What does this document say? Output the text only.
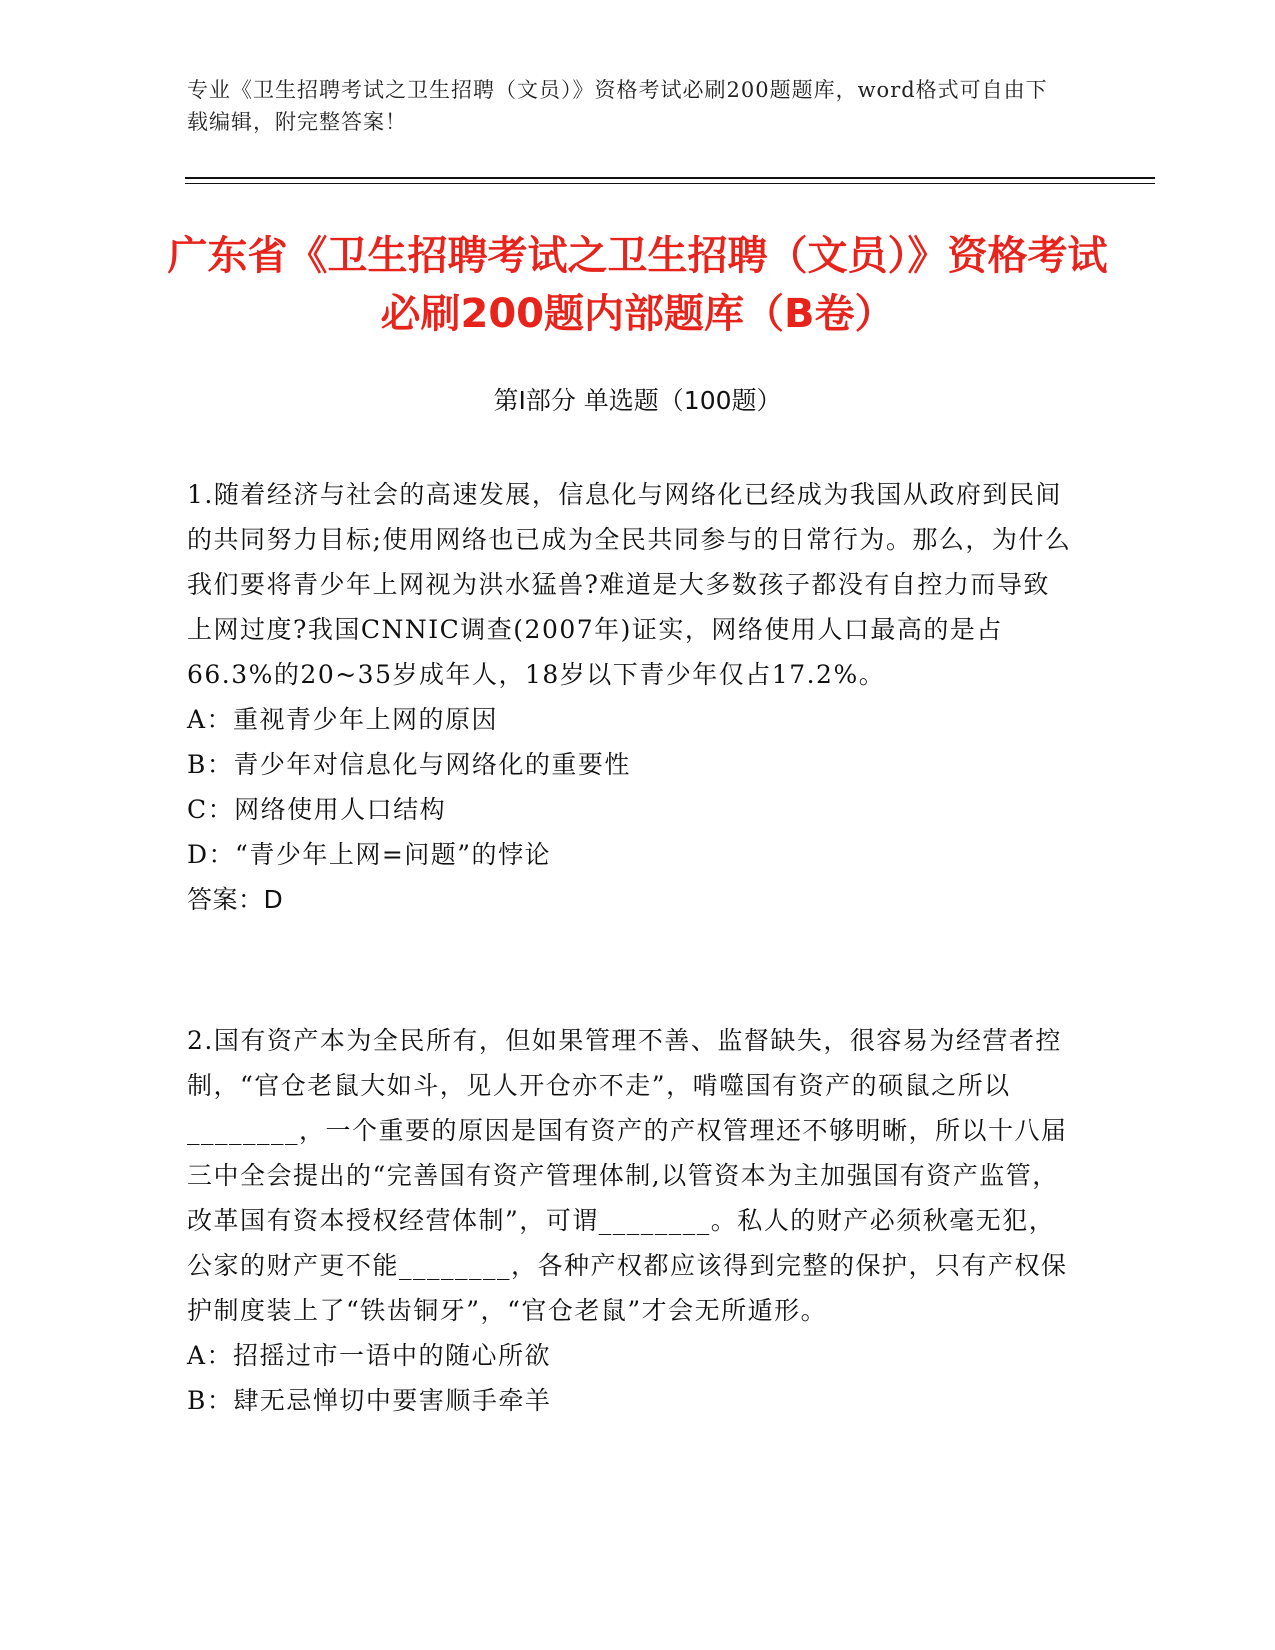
专业《卫生招聘考试之卫生招聘（文员）》资格考试必刷200题题库，word格式可自由下载编辑，附完整答案！
广东省《卫生招聘考试之卫生招聘（文员）》资格考试必刷200题内部题库（B卷）
第I部分 单选题（100题）
1.随着经济与社会的高速发展，信息化与网络化已经成为我国从政府到民间的共同努力目标;使用网络也已成为全民共同参与的日常行为。那么，为什么我们要将青少年上网视为洪水猛兽?难道是大多数孩子都没有自控力而导致上网过度?我国CNNIC调查(2007年)证实，网络使用人口最高的是占66.3%的20~35岁成年人，18岁以下青少年仅占17.2%。
A：重视青少年上网的原因
B：青少年对信息化与网络化的重要性
C：网络使用人口结构
D：“青少年上网=问题”的悖论
答案：D
2.国有资产本为全民所有，但如果管理不善、监督缺失，很容易为经营者控制，“官仓老鼠大如斗，见人开仓亦不走”，啃噬国有资产的硕鼠之所以________，一个重要的原因是国有资产的产权管理还不够明晰，所以十八届三中全会提出的“完善国有资产管理体制,以管资本为主加强国有资产监管，改革国有资本授权经营体制”，可谓________。私人的财产必须秋毫无犯，公家的财产更不能________，各种产权都应该得到完整的保护，只有产权保护制度装上了“铁齿铜牙”，“官仓老鼠”才会无所遁形。
A：招摇过市一语中的随心所欲
B：肆无忌惮切中要害顺手牵羊
